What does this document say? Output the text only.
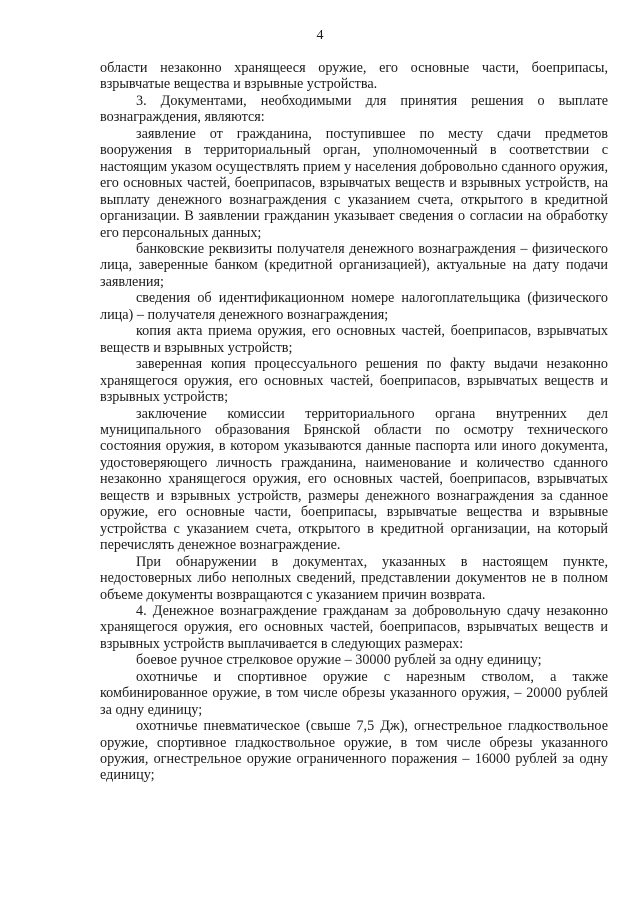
4

области незаконно хранящееся оружие, его основные части, боеприпасы, взрывчатые вещества и взрывные устройства.

3. Документами, необходимыми для принятия решения о выплате вознаграждения, являются:

заявление от гражданина, поступившее по месту сдачи предметов вооружения в территориальный орган, уполномоченный в соответствии с настоящим указом осуществлять прием у населения добровольно сданного оружия, его основных частей, боеприпасов, взрывчатых веществ и взрывных устройств, на выплату денежного вознаграждения с указанием счета, открытого в кредитной организации. В заявлении гражданин указывает сведения о согласии на обработку его персональных данных;

банковские реквизиты получателя денежного вознаграждения – физического лица, заверенные банком (кредитной организацией), актуальные на дату подачи заявления;

сведения об идентификационном номере налогоплательщика (физического лица) – получателя денежного вознаграждения;

копия акта приема оружия, его основных частей, боеприпасов, взрывчатых веществ и взрывных устройств;

заверенная копия процессуального решения по факту выдачи незаконно хранящегося оружия, его основных частей, боеприпасов, взрывчатых веществ и взрывных устройств;

заключение комиссии территориального органа внутренних дел муниципального образования Брянской области по осмотру технического состояния оружия, в котором указываются данные паспорта или иного документа, удостоверяющего личность гражданина, наименование и количество сданного незаконно хранящегося оружия, его основных частей, боеприпасов, взрывчатых веществ и взрывных устройств, размеры денежного вознаграждения за сданное оружие, его основные части, боеприпасы, взрывчатые вещества и взрывные устройства с указанием счета, открытого в кредитной организации, на который перечислять денежное вознаграждение.

При обнаружении в документах, указанных в настоящем пункте, недостоверных либо неполных сведений, представлении документов не в полном объеме документы возвращаются с указанием причин возврата.

4. Денежное вознаграждение гражданам за добровольную сдачу незаконно хранящегося оружия, его основных частей, боеприпасов, взрывчатых веществ и взрывных устройств выплачивается в следующих размерах:

боевое ручное стрелковое оружие – 30000 рублей за одну единицу;

охотничье и спортивное оружие с нарезным стволом, а также комбинированное оружие, в том числе обрезы указанного оружия, – 20000 рублей за одну единицу;

охотничье пневматическое (свыше 7,5 Дж), огнестрельное гладкоствольное оружие, спортивное гладкоствольное оружие, в том числе обрезы указанного оружия, огнестрельное оружие ограниченного поражения – 16000 рублей за одну единицу;
